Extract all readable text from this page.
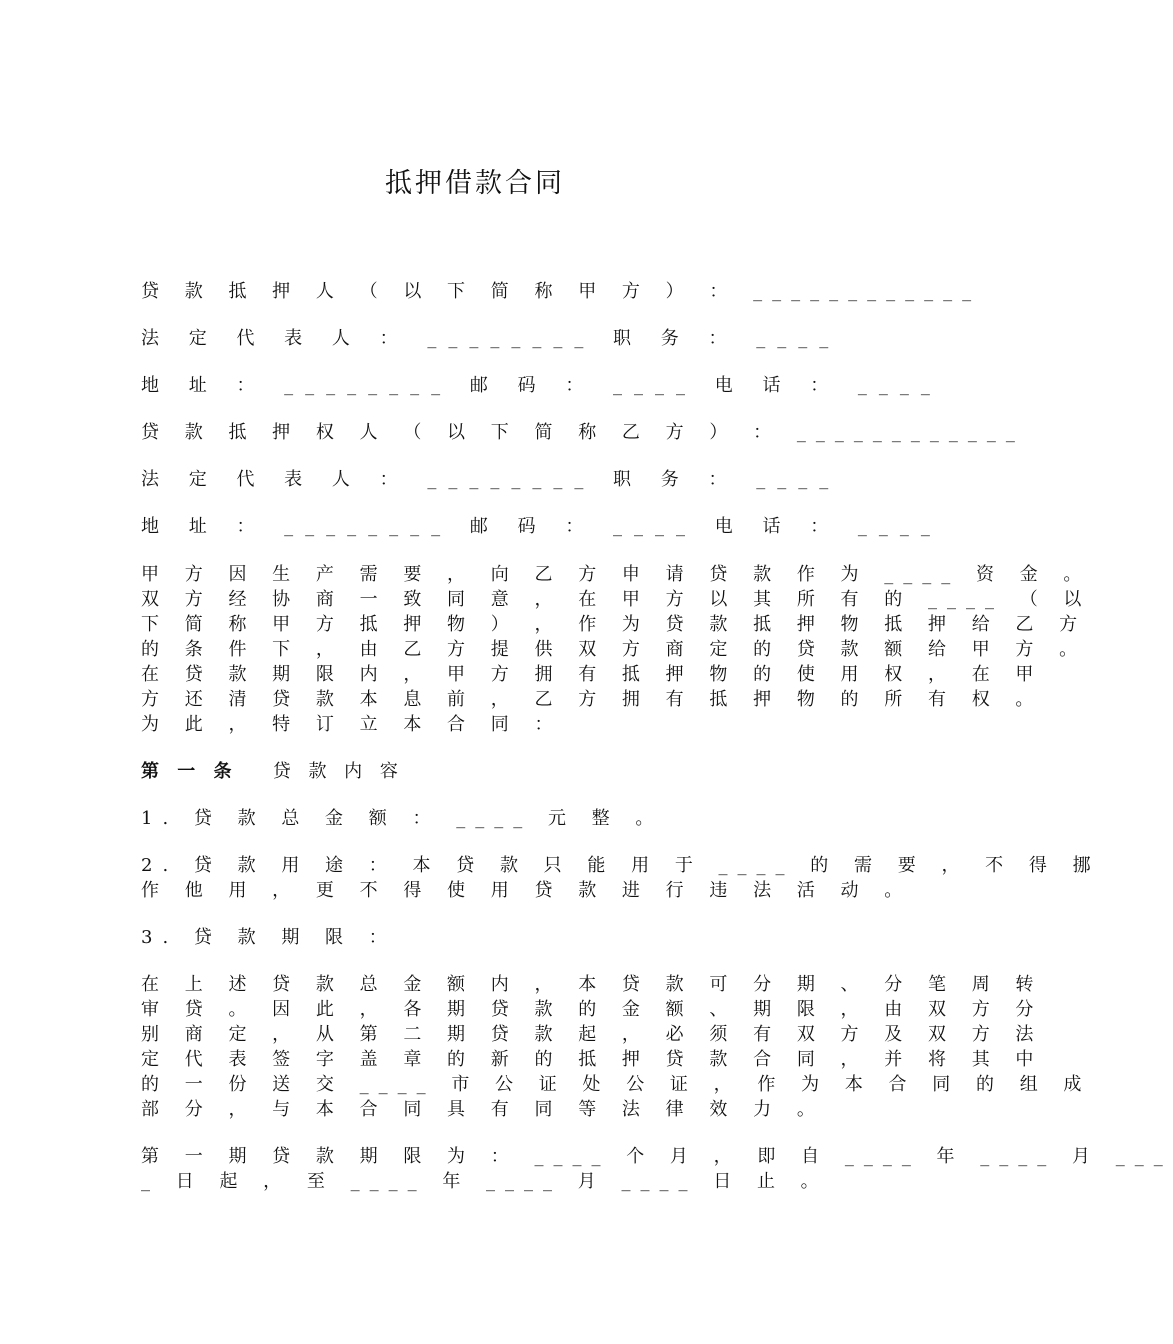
抵押借款合同
贷 款 抵 押 人 （ 以 下 简 称 甲 方 ） ： ____________
法 定 代 表 人 ： ________ 职 务 ： ____
地 址 ： ________ 邮 码 ： ____ 电 话 ： ____
贷 款 抵 押 权 人 （ 以 下 简 称 乙 方 ） ： ____________
法 定 代 表 人 ： ________ 职 务 ： ____
地 址 ： ________ 邮 码 ： ____ 电 话 ： ____
甲 方 因 生 产 需 要 ， 向 乙 方 申 请 贷 款 作 为 ____ 资 金 。
双 方 经 协 商 一 致 同 意 ， 在 甲 方 以 其 所 有 的 ____ （ 以
下 简 称 甲 方 抵 押 物 ） ， 作 为 贷 款 抵 押 物 抵 押 给 乙 方
的 条 件 下 ， 由 乙 方 提 供 双 方 商 定 的 贷 款 额 给 甲 方 。
在 贷 款 期 限 内 ， 甲 方 拥 有 抵 押 物 的 使 用 权 ， 在 甲
方 还 清 贷 款 本 息 前 ， 乙 方 拥 有 抵 押 物 的 所 有 权 。
为 此 ， 特 订 立 本 合 同 ：
第 一 条 贷 款 内 容
1. 贷 款 总 金 额 ： ____ 元 整 。
2. 贷 款 用 途 ： 本 贷 款 只 能 用 于 ____ 的 需 要 ， 不 得 挪
作 他 用 ， 更 不 得 使 用 贷 款 进 行 违 法 活 动 。
3. 贷 款 期 限 ：
在 上 述 贷 款 总 金 额 内 ， 本 贷 款 可 分 期 、 分 笔 周 转
审 贷 。 因 此 ， 各 期 贷 款 的 金 额 、 期 限 ， 由 双 方 分
别 商 定 ， 从 第 二 期 贷 款 起 ， 必 须 有 双 方 及 双 方 法
定 代 表 签 字 盖 章 的 新 的 抵 押 贷 款 合 同 ， 并 将 其 中
的 一 份 送 交 ____ 市 公 证 处 公 证 ， 作 为 本 合 同 的 组 成
部 分 ， 与 本 合 同 具 有 同 等 法 律 效 力 。
第 一 期 贷 款 期 限 为 ： ____ 个 月 ， 即 自 ____ 年 ____ 月 ___
_ 日 起 ， 至 ____ 年 ____ 月 ____ 日 止 。
